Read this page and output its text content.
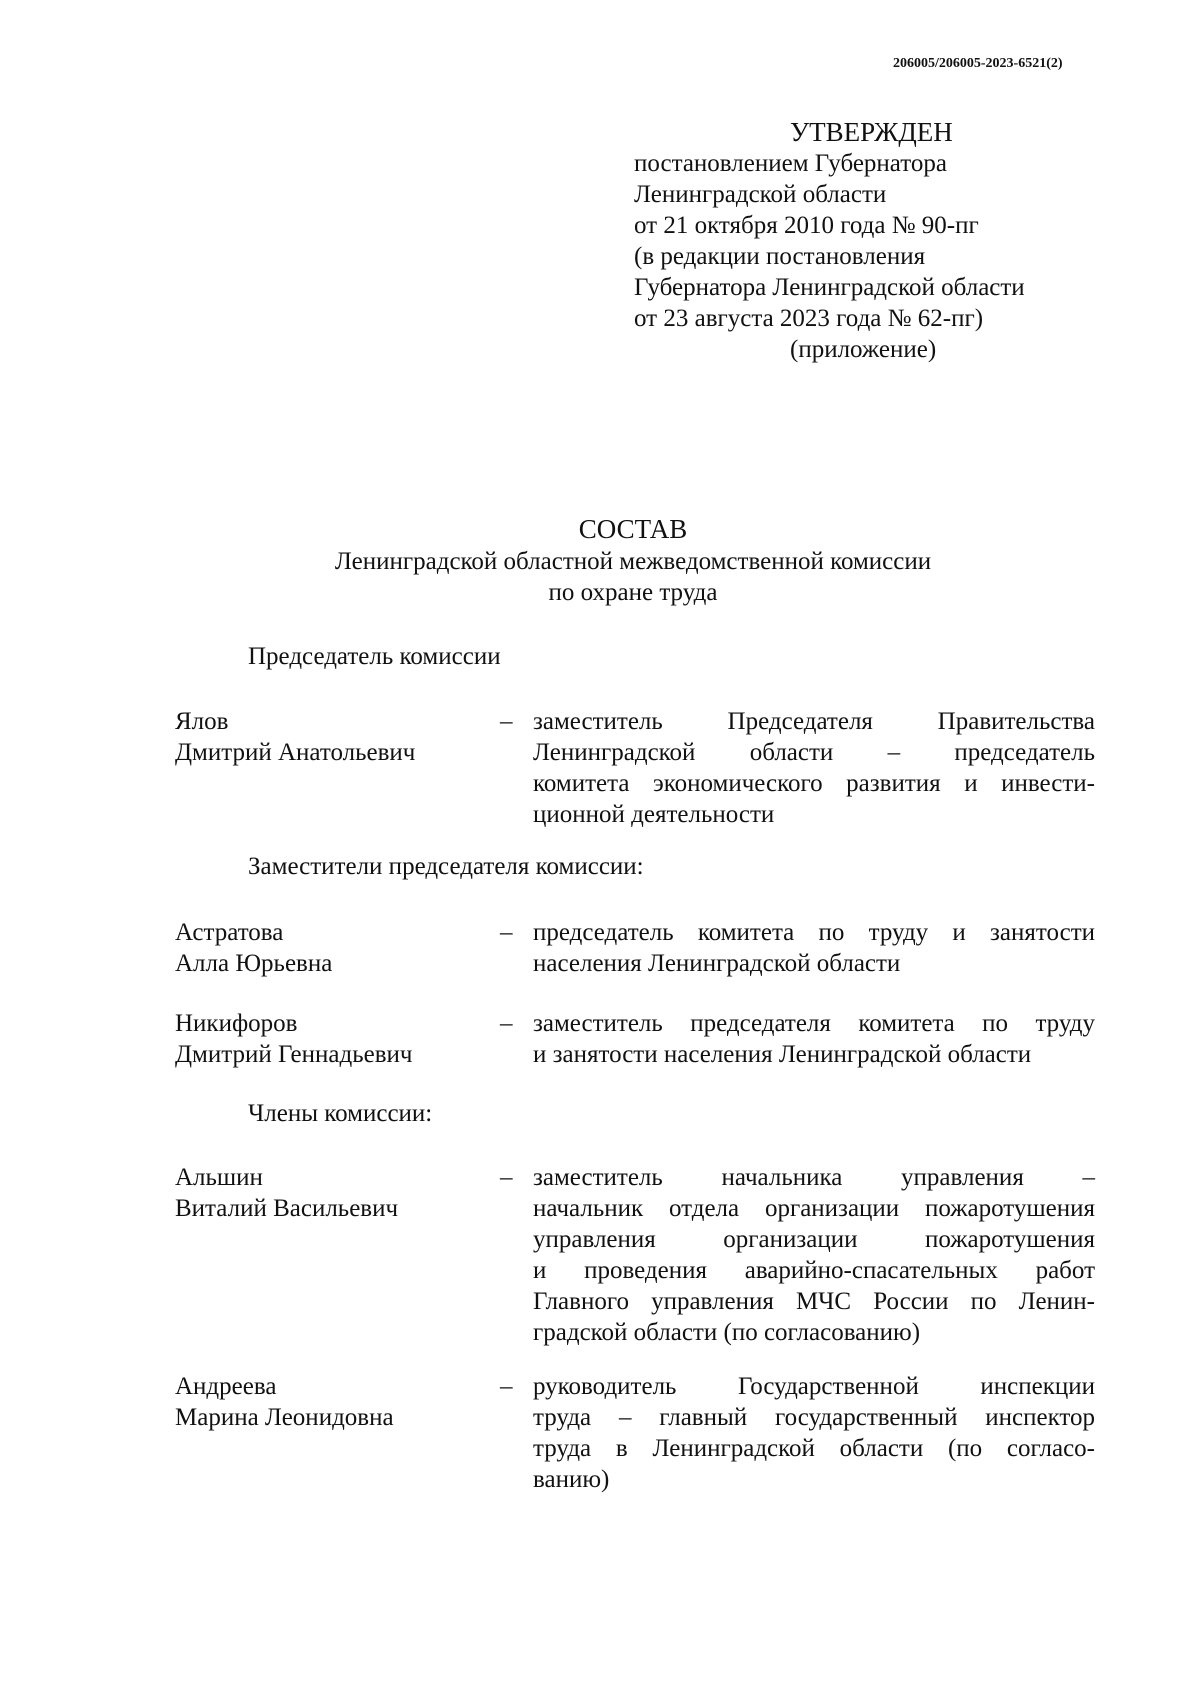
206005/206005-2023-6521(2)
УТВЕРЖДЕН
постановлением Губернатора
Ленинградской области
от 21 октября 2010 года № 90-пг
(в редакции постановления
Губернатора Ленинградской области
от 23 августа 2023 года № 62-пг)
(приложение)
СОСТАВ
Ленинградской областной межведомственной комиссии
по охране труда
Председатель комиссии
Ялов
Дмитрий Анатольевич
– заместитель Председателя Правительства
Ленинградской области – председатель
комитета экономического развития и инвести-
ционной деятельности
Заместители председателя комиссии:
Астратова
Алла Юрьевна
– председатель комитета по труду и занятости
населения Ленинградской области
Никифоров
Дмитрий Геннадьевич
– заместитель председателя комитета по труду
и занятости населения Ленинградской области
Члены комиссии:
Альшин
Виталий Васильевич
– заместитель начальника управления –
начальник отдела организации пожаротушения
управления организации пожаротушения
и проведения аварийно-спасательных работ
Главного управления МЧС России по Ленин-
градской области (по согласованию)
Андреева
Марина Леонидовна
– руководитель Государственной инспекции
труда – главный государственный инспектор
труда в Ленинградской области (по согласо-
ванию)
